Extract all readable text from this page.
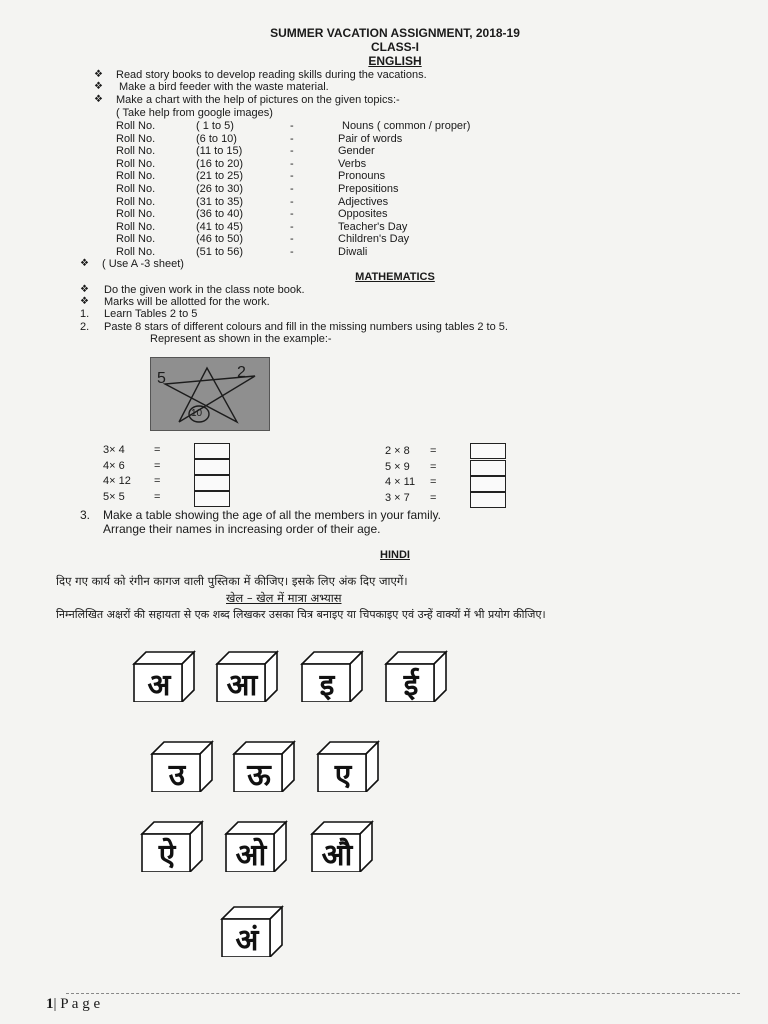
SUMMER VACATION ASSIGNMENT, 2018-19
CLASS-I
ENGLISH
❖ Read story books to develop reading skills during the vacations.
❖ Make a bird feeder with the waste material.
❖ Make a chart with the help of pictures on the given topics:-
( Take help from google images)
Roll No.	( 1 to 5)	-	Nouns ( common / proper)
Roll No.	(6 to 10)	-	Pair of words
Roll No.	(11 to 15)	-	Gender
Roll No.	(16 to 20)	-	Verbs
Roll No.	(21 to 25)	-	Pronouns
Roll No.	(26 to 30)	-	Prepositions
Roll No.	(31 to 35)	-	Adjectives
Roll No.	(36 to 40)	-	Opposites
Roll No.	(41 to 45)	-	Teacher's Day
Roll No.	(46 to 50)	-	Children's Day
Roll No.	(51 to 56)	-	Diwali
❖ ( Use A -3 sheet)
MATHEMATICS
❖ Do the given work in the class note book.
❖ Marks will be allotted for the work.
1. Learn Tables 2 to 5
2. Paste 8 stars of different colours and fill in the missing numbers using tables 2 to 5.
Represent as shown in the example:-
5	2
10
3× 4	=
4× 6	=
4× 12 =
5× 5	=
2 × 8 =
5 × 9 =
4 × 11 =
3 × 7 =
3. Make a table showing the age of all the members in your family.
Arrange their names in increasing order of their age.
HINDI
दिए गए कार्य को रंगीन कागज वाली पुस्तिका में कीजिए। इसके लिए अंक दिए जाएगें।
खेल – खेल में मात्रा अभ्यास
निम्नलिखित अक्षरों की सहायता से एक शब्द लिखकर उसका चित्र बनाइए या चिपकाइए एवं उन्हें वाक्यों में भी प्रयोग कीजिए।
अ	आ	इ	ई
उ	ऊ	ए
ऐ	ओ	औ
अं
1| P a g e
